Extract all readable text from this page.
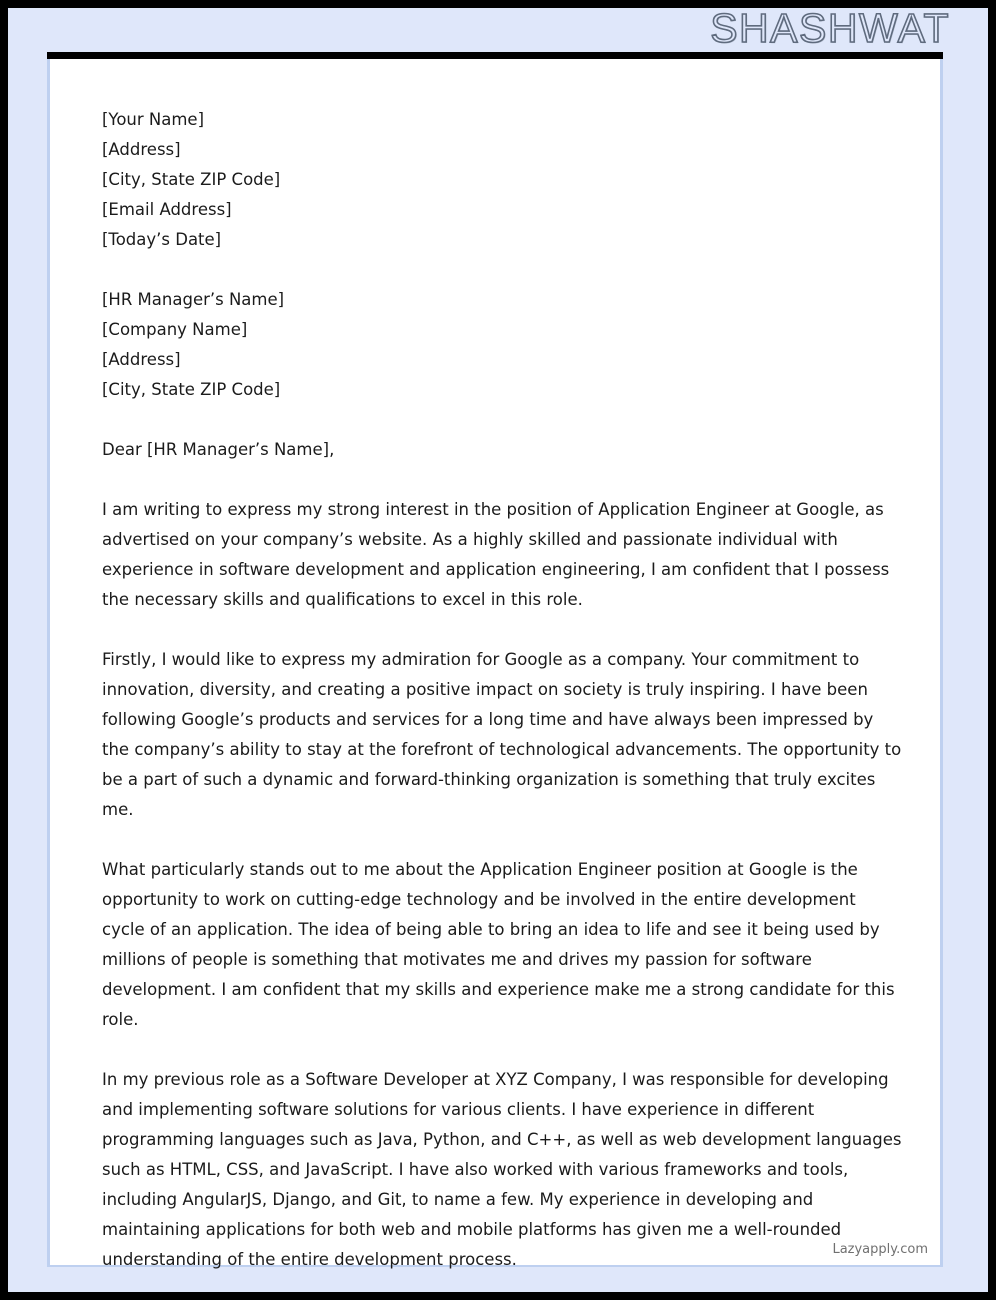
SHASHWAT
[Your Name]
[Address]
[City, State ZIP Code]
[Email Address]
[Today’s Date]
[HR Manager’s Name]
[Company Name]
[Address]
[City, State ZIP Code]

Dear [HR Manager’s Name],

I am writing to express my strong interest in the position of Application Engineer at Google, as advertised on your company’s website. As a highly skilled and passionate individual with experience in software development and application engineering, I am confident that I possess the necessary skills and qualifications to excel in this role.

Firstly, I would like to express my admiration for Google as a company. Your commitment to innovation, diversity, and creating a positive impact on society is truly inspiring. I have been following Google’s products and services for a long time and have always been impressed by the company’s ability to stay at the forefront of technological advancements. The opportunity to be a part of such a dynamic and forward-thinking organization is something that truly excites me.

What particularly stands out to me about the Application Engineer position at Google is the opportunity to work on cutting-edge technology and be involved in the entire development cycle of an application. The idea of being able to bring an idea to life and see it being used by millions of people is something that motivates me and drives my passion for software development. I am confident that my skills and experience make me a strong candidate for this role.

In my previous role as a Software Developer at XYZ Company, I was responsible for developing and implementing software solutions for various clients. I have experience in different programming languages such as Java, Python, and C++, as well as web development languages such as HTML, CSS, and JavaScript. I have also worked with various frameworks and tools, including AngularJS, Django, and Git, to name a few. My experience in developing and maintaining applications for both web and mobile platforms has given me a well-rounded understanding of the entire development process.

Lazyapply.com
